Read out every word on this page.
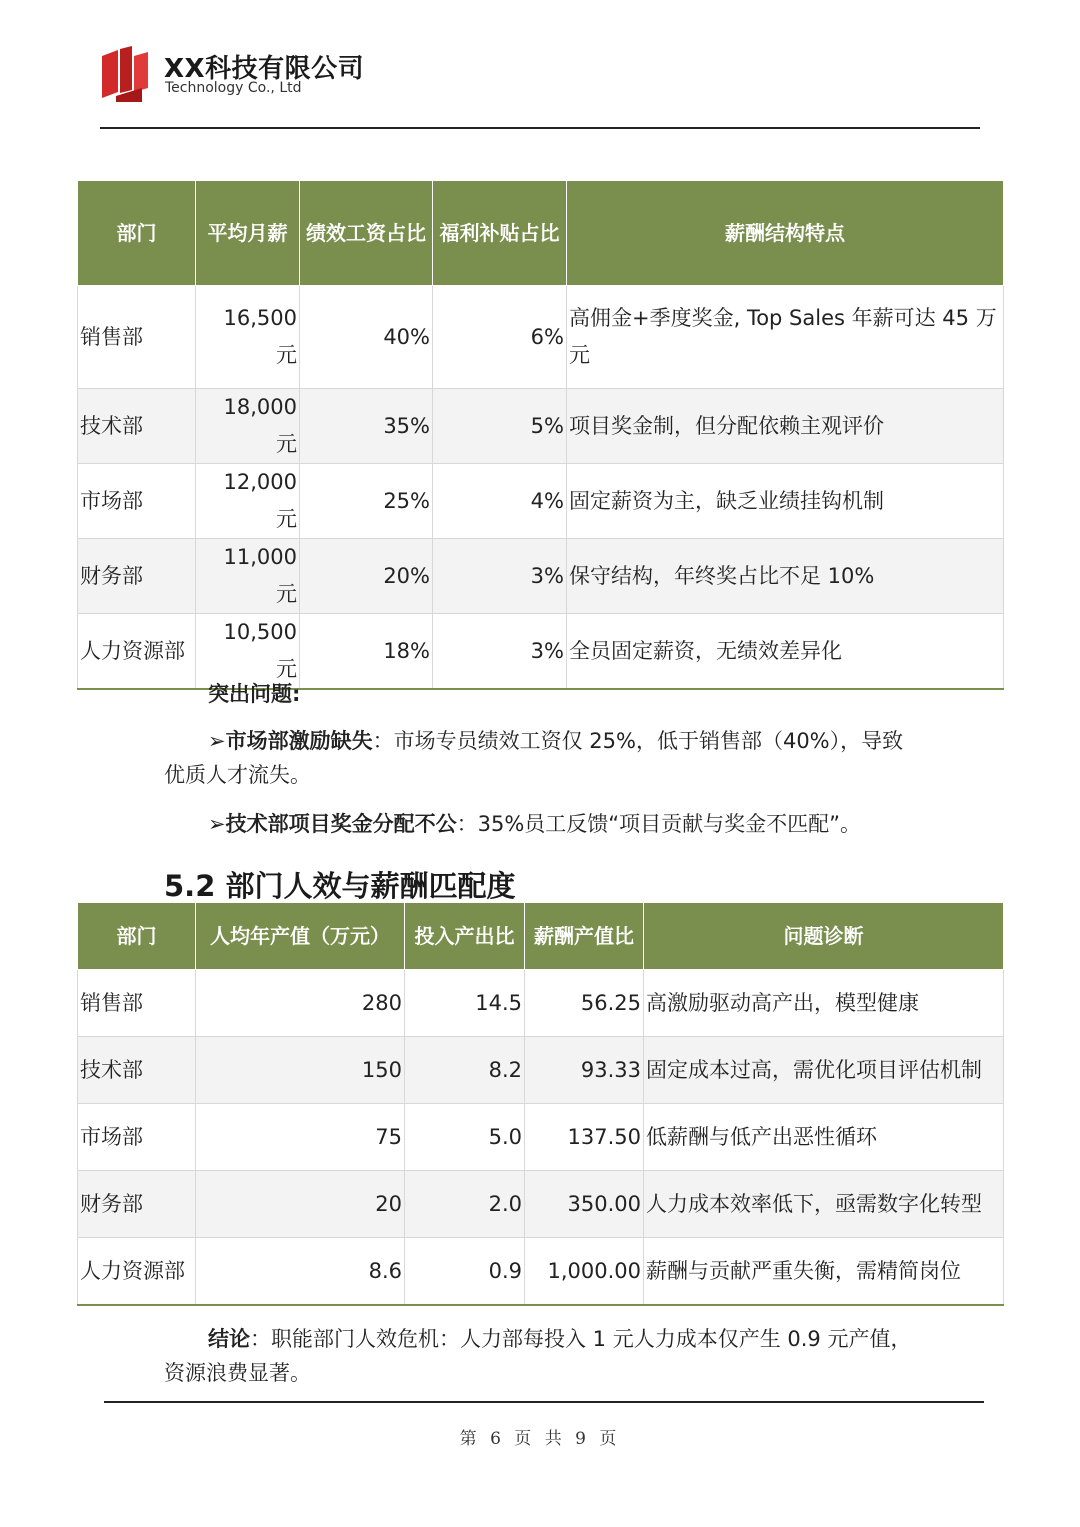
XX科技有限公司
Technology Co., Ltd
部门	平均月薪	绩效工资占比	福利补贴占比	薪酬结构特点
销售部	16,500 元	40%	6%	高佣金+季度奖金, Top Sales 年薪可达 45 万元
技术部	18,000 元	35%	5%	项目奖金制，但分配依赖主观评价
市场部	12,000 元	25%	4%	固定薪资为主，缺乏业绩挂钩机制
财务部	11,000 元	20%	3%	保守结构，年终奖占比不足 10%
人力资源部	10,500 元	18%	3%	全员固定薪资，无绩效差异化
突出问题:
➢市场部激励缺失：市场专员绩效工资仅 25%，低于销售部（40%），导致优质人才流失。
➢技术部项目奖金分配不公：35%员工反馈“项目贡献与奖金不匹配”。
5.2 部门人效与薪酬匹配度
部门	人均年产值（万元）	投入产出比	薪酬产值比	问题诊断
销售部	280	14.5	56.25	高激励驱动高产出，模型健康
技术部	150	8.2	93.33	固定成本过高，需优化项目评估机制
市场部	75	5.0	137.50	低薪酬与低产出恶性循环
财务部	20	2.0	350.00	人力成本效率低下，亟需数字化转型
人力资源部	8.6	0.9	1,000.00	薪酬与贡献严重失衡，需精简岗位
结论：职能部门人效危机：人力部每投入 1 元人力成本仅产生 0.9 元产值，资源浪费显著。
第 6 页 共 9 页
